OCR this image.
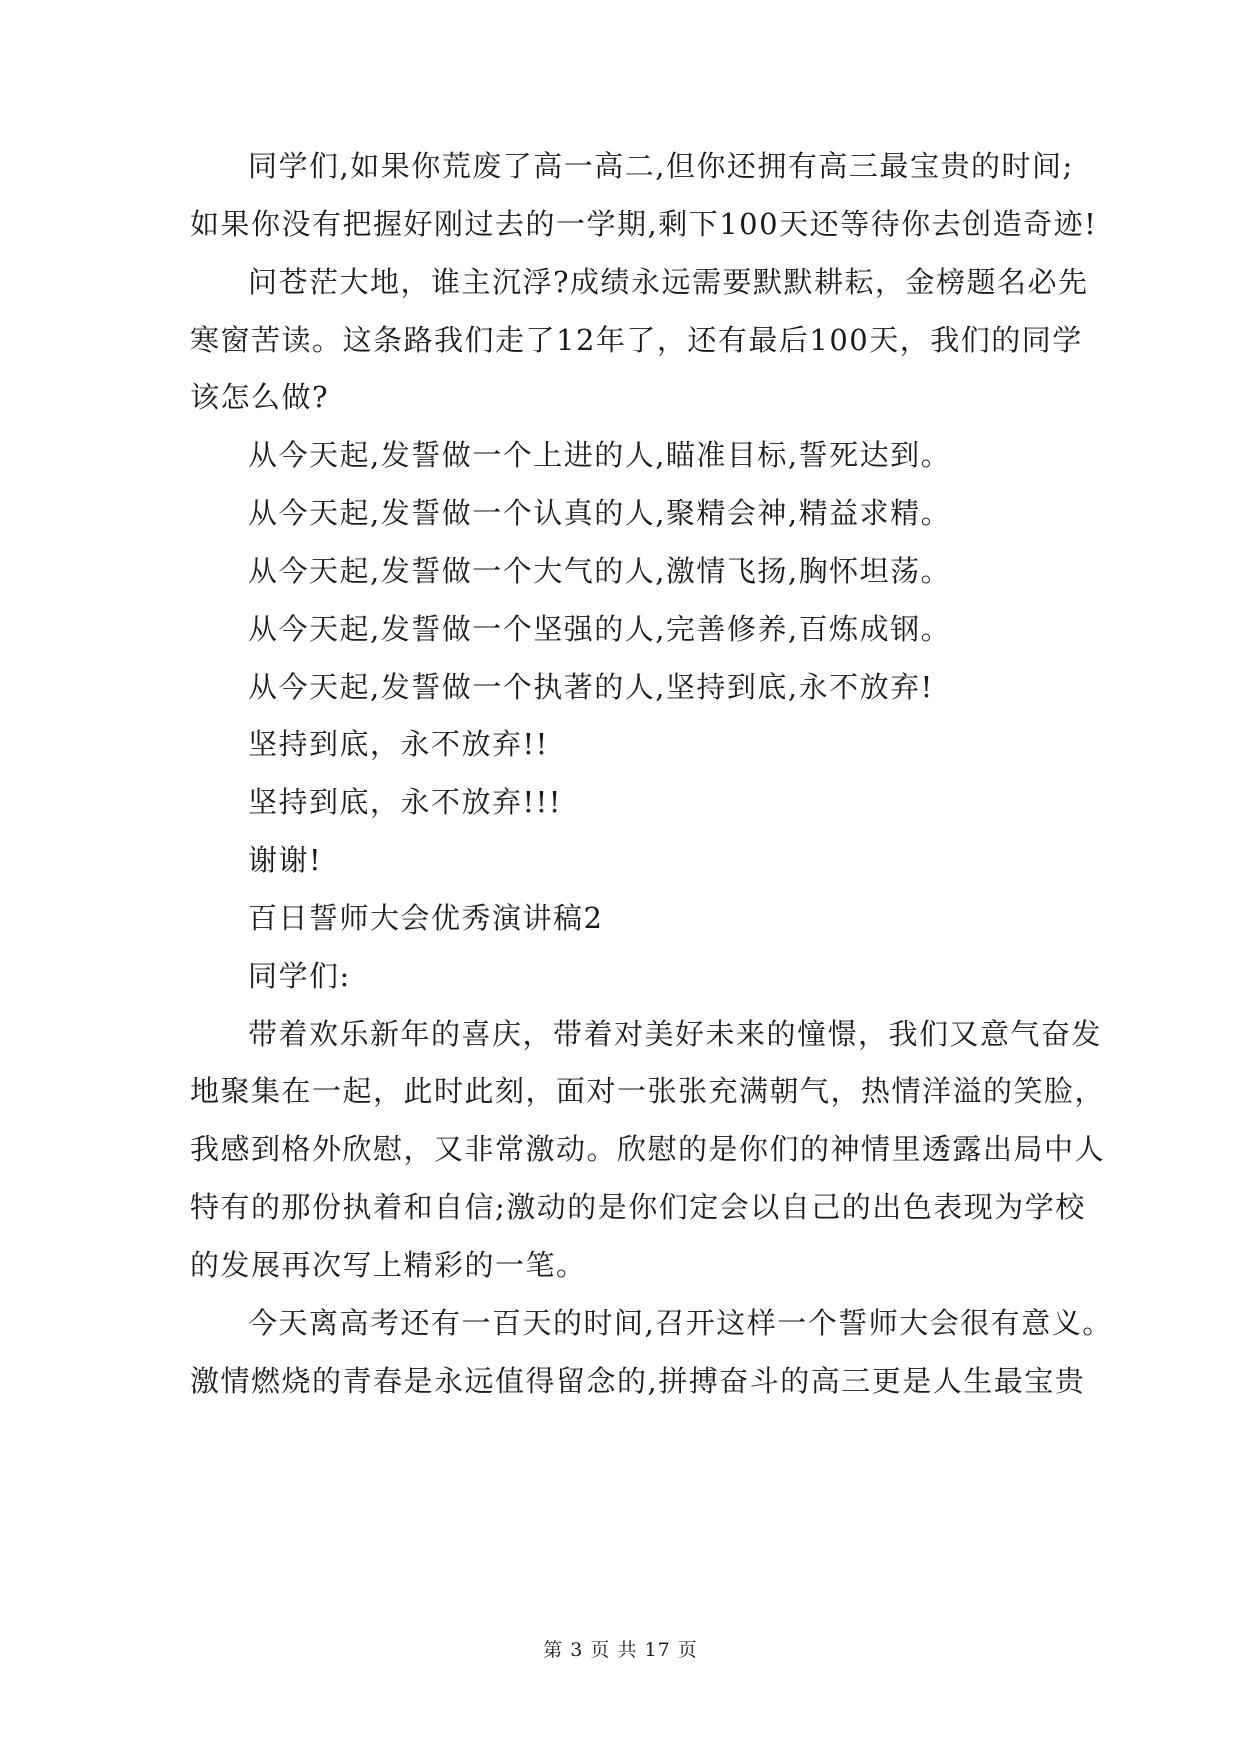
同学们,如果你荒废了高一高二,但你还拥有高三最宝贵的时间;
如果你没有把握好刚过去的一学期,剩下100天还等待你去创造奇迹!
问苍茫大地，谁主沉浮?成绩永远需要默默耕耘，金榜题名必先
寒窗苦读。这条路我们走了12年了，还有最后100天，我们的同学
该怎么做?
从今天起,发誓做一个上进的人,瞄准目标,誓死达到。
从今天起,发誓做一个认真的人,聚精会神,精益求精。
从今天起,发誓做一个大气的人,激情飞扬,胸怀坦荡。
从今天起,发誓做一个坚强的人,完善修养,百炼成钢。
从今天起,发誓做一个执著的人,坚持到底,永不放弃!
坚持到底，永不放弃!!
坚持到底，永不放弃!!!
谢谢!
百日誓师大会优秀演讲稿2
同学们:
带着欢乐新年的喜庆，带着对美好未来的憧憬，我们又意气奋发
地聚集在一起，此时此刻，面对一张张充满朝气，热情洋溢的笑脸，
我感到格外欣慰，又非常激动。欣慰的是你们的神情里透露出局中人
特有的那份执着和自信;激动的是你们定会以自己的出色表现为学校
的发展再次写上精彩的一笔。
今天离高考还有一百天的时间,召开这样一个誓师大会很有意义。
激情燃烧的青春是永远值得留念的,拼搏奋斗的高三更是人生最宝贵
第 3 页 共 17 页
